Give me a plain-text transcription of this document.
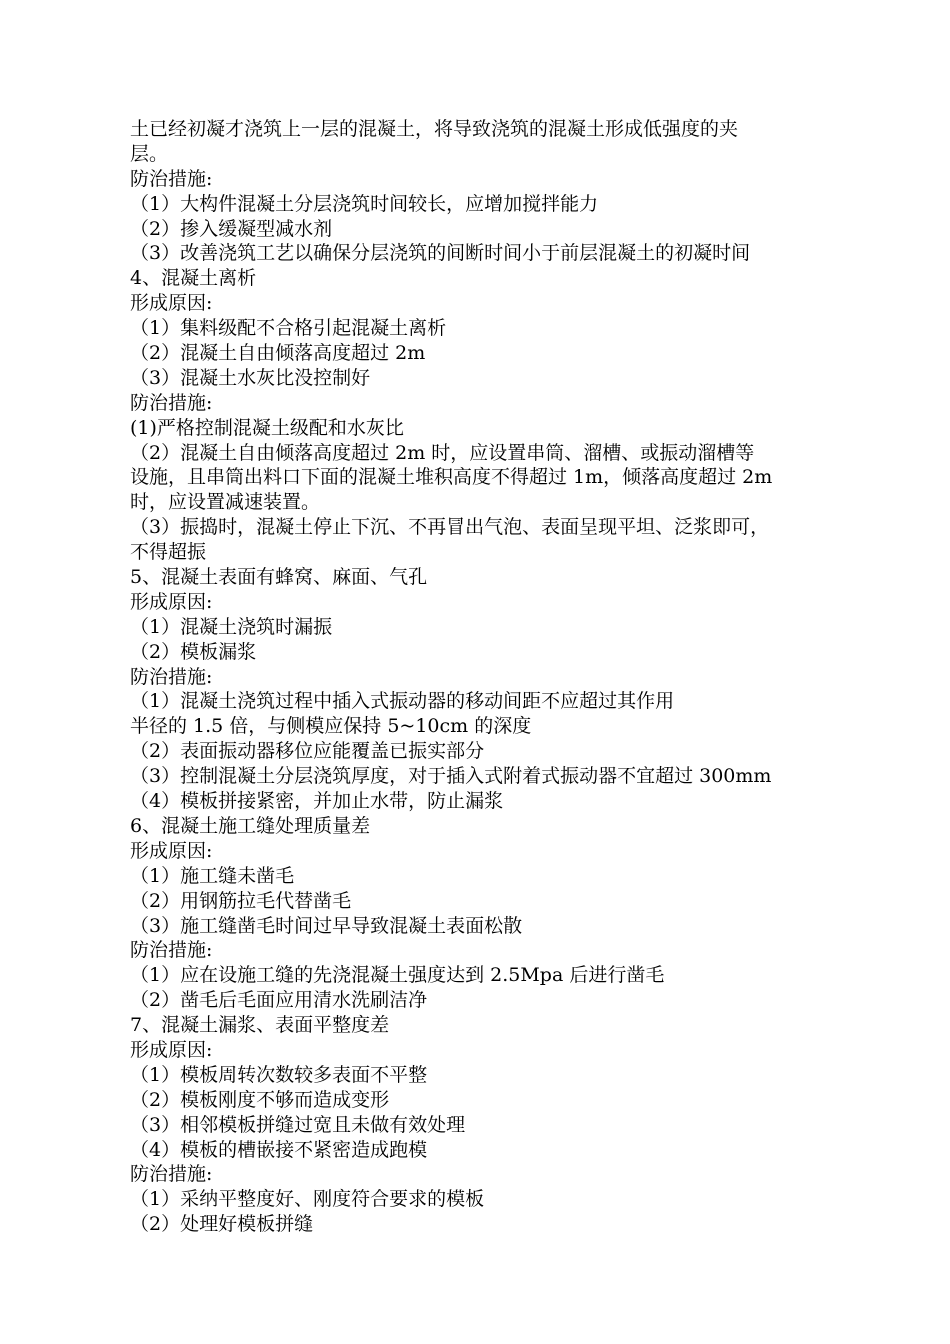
土已经初凝才浇筑上一层的混凝土，将导致浇筑的混凝土形成低强度的夹
层。
防治措施:
（1）大构件混凝土分层浇筑时间较长，应增加搅拌能力
（2）掺入缓凝型减水剂
（3）改善浇筑工艺以确保分层浇筑的间断时间小于前层混凝土的初凝时间
4、混凝土离析
形成原因:
（1）集料级配不合格引起混凝土离析
（2）混凝土自由倾落高度超过 2m
（3）混凝土水灰比没控制好
防治措施:
(1)严格控制混凝土级配和水灰比
（2）混凝土自由倾落高度超过 2m 时，应设置串筒、溜槽、或振动溜槽等
设施，且串筒出料口下面的混凝土堆积高度不得超过 1m，倾落高度超过 2m
时，应设置减速装置。
（3）振捣时，混凝土停止下沉、不再冒出气泡、表面呈现平坦、泛浆即可，
不得超振
5、混凝土表面有蜂窝、麻面、气孔
形成原因:
（1）混凝土浇筑时漏振
（2）模板漏浆
防治措施:
（1）混凝土浇筑过程中插入式振动器的移动间距不应超过其作用
半径的 1.5 倍，与侧模应保持 5~10cm 的深度
（2）表面振动器移位应能覆盖已振实部分
（3）控制混凝土分层浇筑厚度，对于插入式附着式振动器不宜超过 300mm
（4）模板拼接紧密，并加止水带，防止漏浆
6、混凝土施工缝处理质量差
形成原因:
（1）施工缝未凿毛
（2）用钢筋拉毛代替凿毛
（3）施工缝凿毛时间过早导致混凝土表面松散
防治措施:
（1）应在设施工缝的先浇混凝土强度达到 2.5Mpa 后进行凿毛
（2）凿毛后毛面应用清水洗刷洁净
7、混凝土漏浆、表面平整度差
形成原因:
（1）模板周转次数较多表面不平整
（2）模板刚度不够而造成变形
（3）相邻模板拼缝过宽且未做有效处理
（4）模板的槽嵌接不紧密造成跑模
防治措施:
（1）采纳平整度好、刚度符合要求的模板
（2）处理好模板拼缝
